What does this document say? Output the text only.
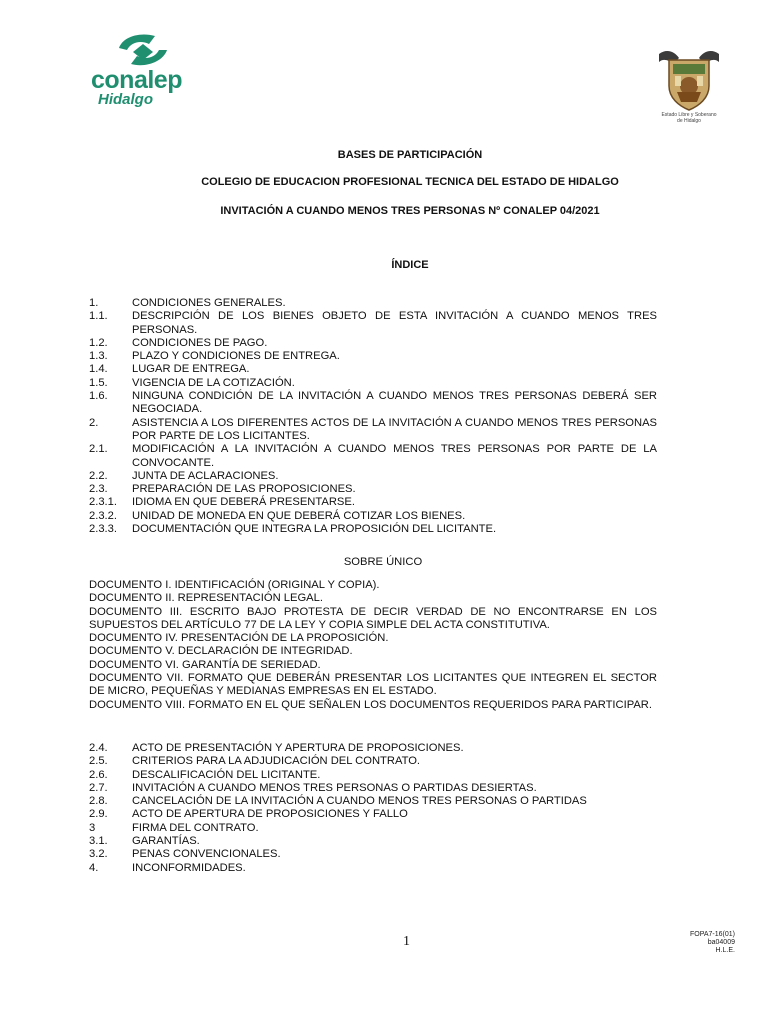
conalep
Hidalgo
Estado Libre y Soberano
de Hidalgo
BASES DE PARTICIPACIÓN
COLEGIO DE EDUCACION PROFESIONAL TECNICA DEL ESTADO DE HIDALGO
INVITACIÓN A CUANDO MENOS TRES PERSONAS Nº CONALEP 04/2021
ÍNDICE
1.	CONDICIONES GENERALES.
1.1.	DESCRIPCIÓN DE LOS BIENES OBJETO DE ESTA INVITACIÓN A CUANDO MENOS TRES PERSONAS.
1.2.	CONDICIONES DE PAGO.
1.3.	PLAZO Y CONDICIONES DE ENTREGA.
1.4.	LUGAR DE ENTREGA.
1.5.	VIGENCIA DE LA COTIZACIÓN.
1.6.	NINGUNA CONDICIÓN DE LA INVITACIÓN A CUANDO MENOS TRES PERSONAS DEBERÁ SER NEGOCIADA.
2.	ASISTENCIA A LOS DIFERENTES ACTOS DE LA INVITACIÓN A CUANDO MENOS TRES PERSONAS POR PARTE DE LOS LICITANTES.
2.1.	MODIFICACIÓN A LA INVITACIÓN A CUANDO MENOS TRES PERSONAS POR PARTE DE LA CONVOCANTE.
2.2.	JUNTA DE ACLARACIONES.
2.3.	PREPARACIÓN DE LAS PROPOSICIONES.
2.3.1.	IDIOMA EN QUE DEBERÁ PRESENTARSE.
2.3.2.	UNIDAD DE MONEDA EN QUE DEBERÁ COTIZAR LOS BIENES.
2.3.3.	DOCUMENTACIÓN QUE INTEGRA LA PROPOSICIÓN DEL LICITANTE.
SOBRE ÚNICO
DOCUMENTO I. IDENTIFICACIÓN (ORIGINAL Y COPIA).
DOCUMENTO II. REPRESENTACIÓN LEGAL.
DOCUMENTO III. ESCRITO BAJO PROTESTA DE DECIR VERDAD DE NO ENCONTRARSE EN LOS SUPUESTOS DEL ARTÍCULO 77 DE LA LEY Y COPIA SIMPLE DEL ACTA CONSTITUTIVA.
DOCUMENTO IV. PRESENTACIÓN DE LA PROPOSICIÓN.
DOCUMENTO V. DECLARACIÓN DE INTEGRIDAD.
DOCUMENTO VI. GARANTÍA DE SERIEDAD.
DOCUMENTO VII. FORMATO QUE DEBERÁN PRESENTAR LOS LICITANTES QUE INTEGREN EL SECTOR DE MICRO, PEQUEÑAS Y MEDIANAS EMPRESAS EN EL ESTADO.
DOCUMENTO VIII. FORMATO EN EL QUE SEÑALEN LOS DOCUMENTOS REQUERIDOS PARA PARTICIPAR.
2.4.	ACTO DE PRESENTACIÓN Y APERTURA DE PROPOSICIONES.
2.5.	CRITERIOS PARA LA ADJUDICACIÓN DEL CONTRATO.
2.6.	DESCALIFICACIÓN DEL LICITANTE.
2.7.	INVITACIÓN A CUANDO MENOS TRES PERSONAS O PARTIDAS DESIERTAS.
2.8.	CANCELACIÓN DE LA INVITACIÓN A CUANDO MENOS TRES PERSONAS O PARTIDAS
2.9.	ACTO DE APERTURA DE PROPOSICIONES Y FALLO
3	FIRMA DEL CONTRATO.
3.1.	GARANTÍAS.
3.2.	PENAS CONVENCIONALES.
4.	INCONFORMIDADES.
1	FOPA7-16(01)
ba04009
H.L.E.
